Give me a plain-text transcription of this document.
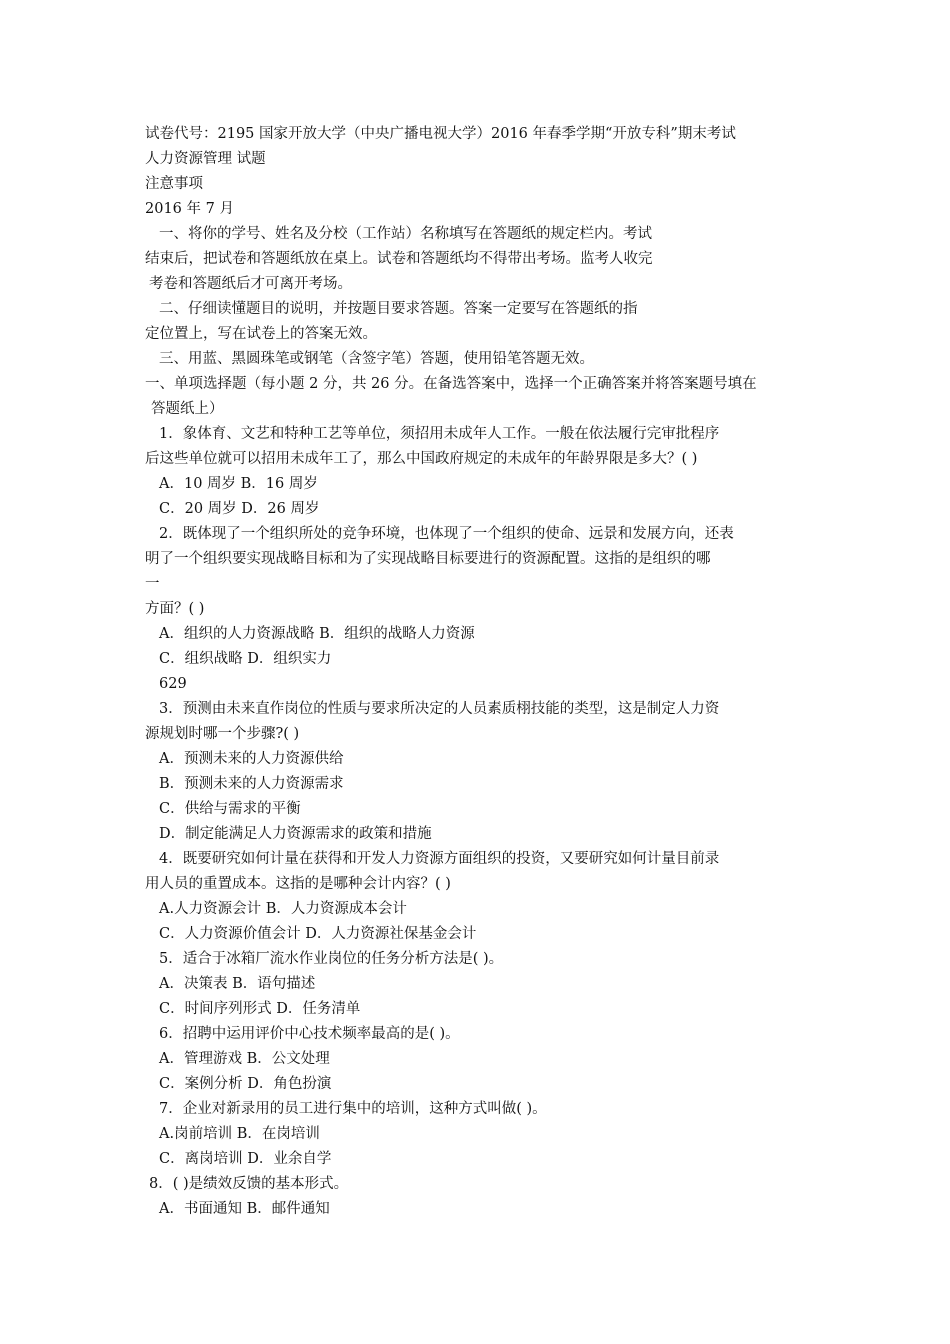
试卷代号：2195 国家开放大学（中央广播电视大学）2016 年春季学期“开放专科”期末考试
人力资源管理 试题
注意事项
2016 年 7 月
一、将你的学号、姓名及分校（工作站）名称填写在答题纸的规定栏内。考试
结束后，把试卷和答题纸放在桌上。试卷和答题纸均不得带出考场。监考人收完
考卷和答题纸后才可离开考场。
二、仔细读懂题目的说明，并按题目要求答题。答案一定要写在答题纸的指
定位置上，写在试卷上的答案无效。
三、用蓝、黑圆珠笔或钢笔（含签字笔）答题，使用铅笔答题无效。
一、单项选择题（每小题 2 分，共 26 分。在备选答案中，选择一个正确答案并将答案题号填在
答题纸上）
1．象体育、文艺和特种工艺等单位，须招用未成年人工作。一般在依法履行完审批程序
后这些单位就可以招用未成年工了，那么中国政府规定的未成年的年龄界限是多大？( )
A．10 周岁 B．16 周岁
C．20 周岁 D．26 周岁
2．既体现了一个组织所处的竞争环境，也体现了一个组织的使命、远景和发展方向，还表
明了一个组织要实现战略目标和为了实现战略目标要进行的资源配置。这指的是组织的哪
一
方面？( )
A．组织的人力资源战略 B．组织的战略人力资源
C．组织战略 D．组织实力
629
3．预测由未来直作岗位的性质与要求所决定的人员素质栩技能的类型，这是制定人力资
源规划时哪一个步骤?( )
A．预测未来的人力资源供给
B．预测未来的人力资源需求
C．供给与需求的平衡
D．制定能满足人力资源需求的政策和措施
4．既要研究如何计量在获得和开发人力资源方面组织的投资，又要研究如何计量目前录
用人员的重置成本。这指的是哪种会计内容？( )
A.人力资源会计 B．人力资源成本会计
C．人力资源价值会计 D．人力资源社保基金会计
5．适合于冰箱厂流水作业岗位的任务分析方法是( )。
A．决策表 B．语句描述
C．时间序列形式 D．任务清单
6．招聘中运用评价中心技术频率最高的是( )。
A．管理游戏 B．公文处理
C．案例分析 D．角色扮演
7．企业对新录用的员工进行集中的培训，这种方式叫做( )。
A.岗前培训 B．在岗培训
C．离岗培训 D．业余自学
8．( )是绩效反馈的基本形式。
A．书面通知 B．邮件通知
